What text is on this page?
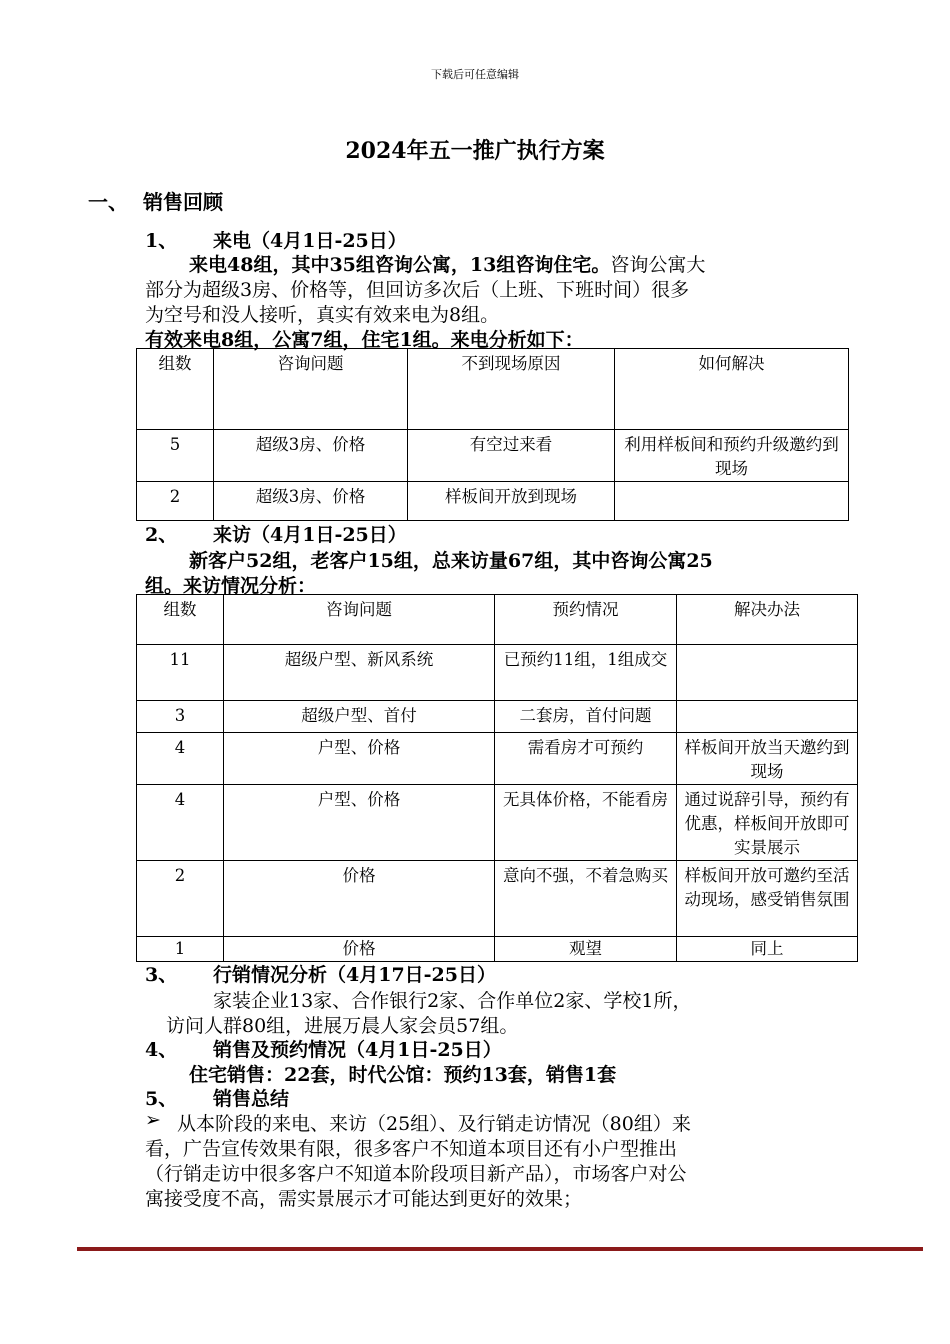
下载后可任意编辑
2024年五一推广执行方案
一、 销售回顾
1、 来电（4月1日-25日）
来电48组，其中35组咨询公寓，13组咨询住宅。咨询公寓大
部分为超级3房、价格等，但回访多次后（上班、下班时间）很多
为空号和没人接听，真实有效来电为8组。
有效来电8组，公寓7组，住宅1组。来电分析如下：
组数	咨询问题	不到现场原因	如何解决
5	超级3房、价格	有空过来看	利用样板间和预约升级邀约到现场
2	超级3房、价格	样板间开放到现场	
2、 来访（4月1日-25日）
新客户52组，老客户15组，总来访量67组，其中咨询公寓25
组。来访情况分析：
组数	咨询问题	预约情况	解决办法
11	超级户型、新风系统	已预约11组，1组成交	
3	超级户型、首付	二套房，首付问题	
4	户型、价格	需看房才可预约	样板间开放当天邀约到现场
4	户型、价格	无具体价格，不能看房	通过说辞引导，预约有优惠，样板间开放即可实景展示
2	价格	意向不强，不着急购买	样板间开放可邀约至活动现场，感受销售氛围
1	价格	观望	同上
3、 行销情况分析（4月17日-25日）
家装企业13家、合作银行2家、合作单位2家、学校1所，
访问人群80组，进展万晨人家会员57组。
4、 销售及预约情况（4月1日-25日）
住宅销售：22套，时代公馆：预约13套，销售1套
5、 销售总结
➢ 从本阶段的来电、来访（25组）、及行销走访情况（80组）来
看，广告宣传效果有限，很多客户不知道本项目还有小户型推出
（行销走访中很多客户不知道本阶段项目新产品），市场客户对公
寓接受度不高，需实景展示才可能达到更好的效果；
